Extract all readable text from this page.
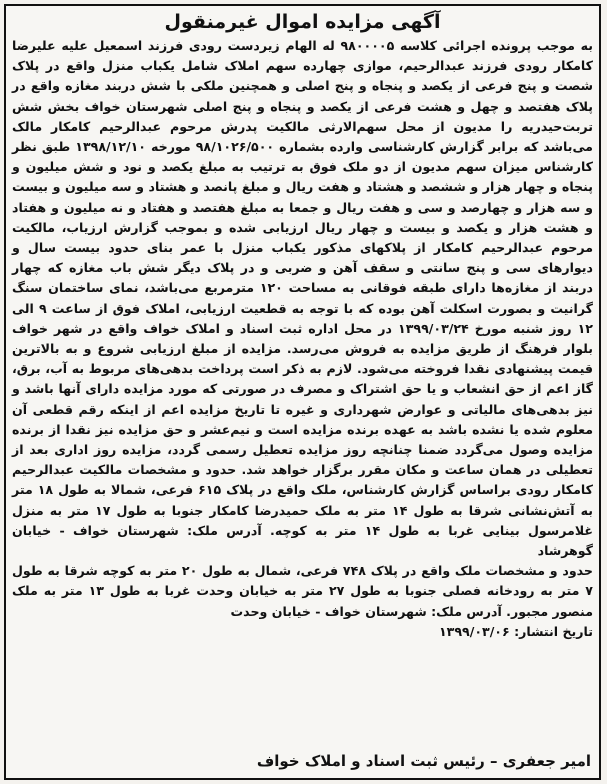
آگهی مزایده اموال غیرمنقول

به موجب پرونده اجرائی کلاسه ۹۸۰۰۰۰۵ له الهام زیردست رودی فرزند اسمعیل علیه علیرضا کامکار رودی فرزند عبدالرحیم، موازی چهارده سهم املاک شامل یکباب منزل واقع در پلاک شصت و پنج فرعی از یکصد و پنجاه و پنج اصلی و همچنین ملکی با شش دربند مغازه واقع در پلاک هفتصد و چهل و هشت فرعی از یکصد و پنجاه و پنج اصلی شهرستان خواف بخش شش تربت‌حیدریه را مدیون از محل سهم‌الارثی مالکیت پدرش مرحوم عبدالرحیم کامکار مالک می‌باشد که برابر گزارش کارشناسی وارده بشماره ۹۸/۱۰۲۶/۵۰۰ مورخه ۱۳۹۸/۱۲/۱۰ طبق نظر کارشناس میزان سهم مدیون از دو ملک فوق به ترتیب به مبلغ یکصد و نود و شش میلیون و پنجاه و چهار هزار و ششصد و هشتاد و هفت ریال و مبلغ پانصد و هشتاد و سه میلیون و بیست و سه هزار و چهارصد و سی و هفت ریال و جمعا به مبلغ هفتصد و هفتاد و نه میلیون و هفتاد و هشت هزار و یکصد و بیست و چهار ریال ارزیابی شده و بموجب گزارش ارزیاب، مالکیت مرحوم عبدالرحیم کامکار از پلاکهای مذکور یکباب منزل با عمر بنای حدود بیست سال و دیوارهای سی و پنج سانتی و سقف آهن و ضربی و در پلاک دیگر شش باب مغازه که چهار دربند از مغازه‌ها دارای طبقه فوقانی به مساحت ۱۲۰ مترمربع می‌باشد، نمای ساختمان سنگ گرانیت و بصورت اسکلت آهن بوده که با توجه به قطعیت ارزیابی، املاک فوق از ساعت ۹ الی ۱۲ روز شنبه مورخ ۱۳۹۹/۰۳/۲۴ در محل اداره ثبت اسناد و املاک خواف واقع در شهر خواف بلوار فرهنگ از طریق مزایده به فروش می‌رسد. مزایده از مبلغ ارزیابی شروع و به بالاترین قیمت پیشنهادی نقدا فروخته می‌شود. لازم به ذکر است پرداخت بدهی‌های مربوط به آب، برق، گاز اعم از حق انشعاب و یا حق اشتراک و مصرف در صورتی که مورد مزایده دارای آنها باشد و نیز بدهی‌های مالیاتی و عوارض شهرداری و غیره تا تاریخ مزایده اعم از اینکه رقم قطعی آن معلوم شده یا نشده باشد به عهده برنده مزایده است و نیم‌عشر و حق مزایده نیز نقدا از برنده مزایده وصول می‌گردد ضمنا چنانچه روز مزایده تعطیل رسمی گردد، مزایده روز اداری بعد از تعطیلی در همان ساعت و مکان مقرر برگزار خواهد شد. حدود و مشخصات مالکیت عبدالرحیم کامکار رودی براساس گزارش کارشناس، ملک واقع در پلاک ۶۱۵ فرعی، شمالا به طول ۱۸ متر به آتش‌نشانی شرقا به طول ۱۴ متر به ملک حمیدرضا کامکار جنوبا به طول ۱۷ متر به منزل غلامرسول بینایی غربا به طول ۱۴ متر به کوچه. آدرس ملک: شهرستان خواف - خیابان گوهرشاد

حدود و مشخصات ملک واقع در پلاک ۷۴۸ فرعی، شمال به طول ۲۰ متر به کوچه شرقا به طول ۷ متر به رودخانه فصلی جنوبا به طول ۲۷ متر به خیابان وحدت غربا به طول ۱۳ متر به ملک منصور مجبور. آدرس ملک: شهرستان خواف - خیابان وحدت

تاریخ انتشار: ۱۳۹۹/۰۳/۰۶

امیر جعفری – رئیس ثبت اسناد و املاک خواف
